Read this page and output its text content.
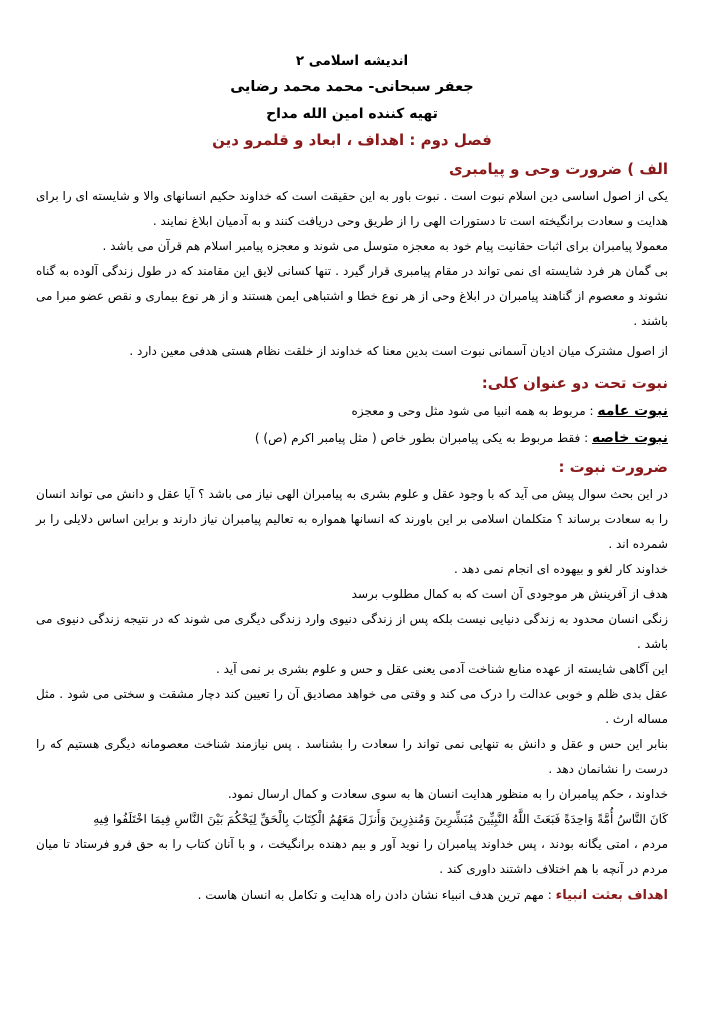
اندیشه اسلامی ۲

جعفر سبحانی- محمد محمد رضایی

تهیه کننده امین الله مداح

فصل دوم : اهداف ، ابعاد و قلمرو دین

الف ) ضرورت وحی و پیامبری

یکی از اصول اساسی دین اسلام نبوت است . نبوت باور به این حقیقت است که خداوند حکیم انسانهای والا و شایسته ای را برای هدایت و سعادت برانگیخته است تا دستورات الهی را از طریق وحی دریافت کنند و به آدمیان ابلاغ نمایند .

معمولا پیامبران برای اثبات حقانیت پیام خود به معجزه متوسل می شوند و معجزه پیامبر اسلام هم قرآن می باشد .

بی گمان هر فرد شایسته ای نمی تواند در مقام پیامبری قرار گیرد . تنها کسانی لایق این مقامند که در طول زندگی آلوده به گناه نشوند و معصوم از گناهند پیامبران در ابلاغ وحی از هر نوع خطا و اشتباهی ایمن هستند و از هر نوع بیماری و نقص عضو مبرا می باشند .

از اصول مشترک میان ادیان آسمانی نبوت است بدین معنا که خداوند از خلقت نظام هستی هدفی معین دارد .

نبوت تحت دو عنوان کلی:

نبوت عامه : مربوط به همه انبیا می شود مثل وحی و معجزه

نبوت خاصه : فقط مربوط به یکی پیامبران بطور خاص ( مثل پیامبر اکرم (ص) )

ضرورت نبوت :

در این بحث سوال پیش می آید که با وجود عقل و علوم بشری به پیامبران الهی نیاز می باشد ؟ آیا عقل و دانش می تواند انسان را به سعادت برساند ؟ متکلمان اسلامی بر این باورند که انسانها همواره به تعالیم پیامبران نیاز دارند و براین اساس دلایلی را بر شمرده اند .

خداوند کار لغو و بیهوده ای انجام نمی دهد .

هدف از آفرینش هر موجودی آن است که به کمال مطلوب برسد

زنگی انسان محدود به زندگی دنیایی نیست بلکه پس از زندگی دنیوی وارد زندگی دیگری می شوند که در نتیجه زندگی دنیوی می باشد .

این آگاهی شایسته از عهده منابع شناخت آدمی یعنی عقل و حس و علوم بشری بر نمی آید .

عقل بدی ظلم و خوبی عدالت را درک می کند و وقتی می خواهد مصادیق آن را تعیین کند دچار مشقت و سختی می شود . مثل مساله ارث .

بنابر این حس و عقل و دانش به تنهایی نمی تواند را سعادت را بشناسد . پس نیازمند شناخت معصومانه دیگری هستیم که را درست را نشانمان دهد .

خداوند ، حکم پیامبران را به منظور هدایت انسان ها به سوی سعادت و کمال ارسال نمود.

كَانَ النَّاسُ أُمَّةً وَاحِدَةً فَبَعَثَ اللَّهُ النَّبِيِّينَ مُبَشِّرِينَ وَمُنذِرِينَ وَأَنزَلَ مَعَهُمُ الْكِتَابَ بِالْحَقِّ لِيَحْكُمَ بَيْنَ النَّاسِ فِيمَا اخْتَلَفُوا فِيهِ

مردم ، امتی یگانه بودند ، پس خداوند پیامبران را نوید آور و بیم دهنده برانگیخت ، و با آنان کتاب را به حق فرو فرستاد تا میان مردم در آنچه با هم اختلاف داشتند داوری کند .

اهداف بعثت انبیاء : مهم ترین هدف انبیاء نشان دادن راه هدایت و تکامل به انسان هاست .
